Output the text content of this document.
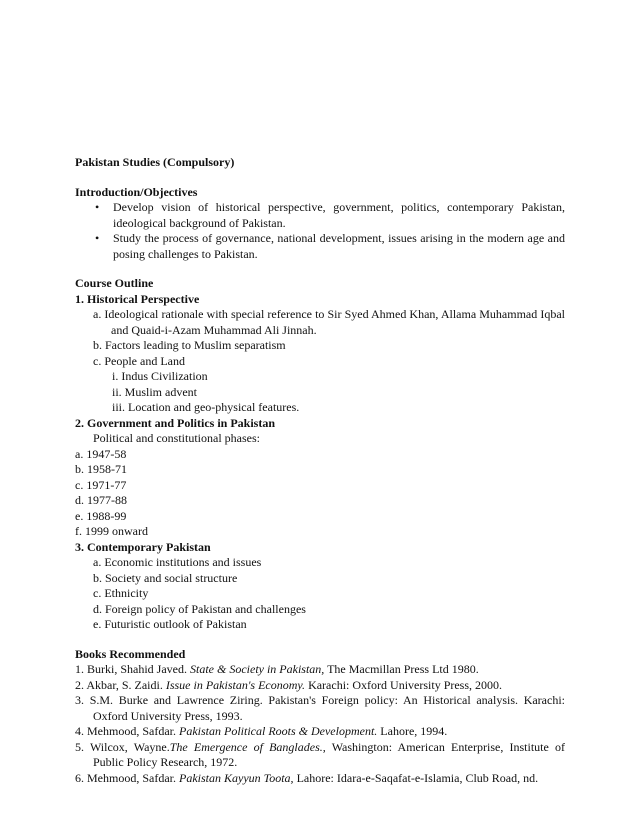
Pakistan Studies (Compulsory)

Introduction/Objectives

• Develop vision of historical perspective, government, politics, contemporary Pakistan, ideological background of Pakistan.
• Study the process of governance, national development, issues arising in the modern age and posing challenges to Pakistan.

Course Outline

1. Historical Perspective

a. Ideological rationale with special reference to Sir Syed Ahmed Khan, Allama Muhammad Iqbal and Quaid-i-Azam Muhammad Ali Jinnah.

b. Factors leading to Muslim separatism

c. People and Land

i. Indus Civilization

ii. Muslim advent

iii. Location and geo-physical features.

2. Government and Politics in Pakistan

Political and constitutional phases:

a. 1947-58

b. 1958-71

c. 1971-77

d. 1977-88

e. 1988-99

f. 1999 onward

3. Contemporary Pakistan

a. Economic institutions and issues

b. Society and social structure

c. Ethnicity

d. Foreign policy of Pakistan and challenges

e. Futuristic outlook of Pakistan

Books Recommended

1. Burki, Shahid Javed. State & Society in Pakistan, The Macmillan Press Ltd 1980.

2. Akbar, S. Zaidi. Issue in Pakistan's Economy. Karachi: Oxford University Press, 2000.

3. S.M. Burke and Lawrence Ziring. Pakistan's Foreign policy: An Historical analysis. Karachi: Oxford University Press, 1993.

4. Mehmood, Safdar. Pakistan Political Roots & Development. Lahore, 1994.

5. Wilcox, Wayne.The Emergence of Banglades., Washington: American Enterprise, Institute of Public Policy Research, 1972.

6. Mehmood, Safdar. Pakistan Kayyun Toota, Lahore: Idara-e-Saqafat-e-Islamia, Club Road, nd.
